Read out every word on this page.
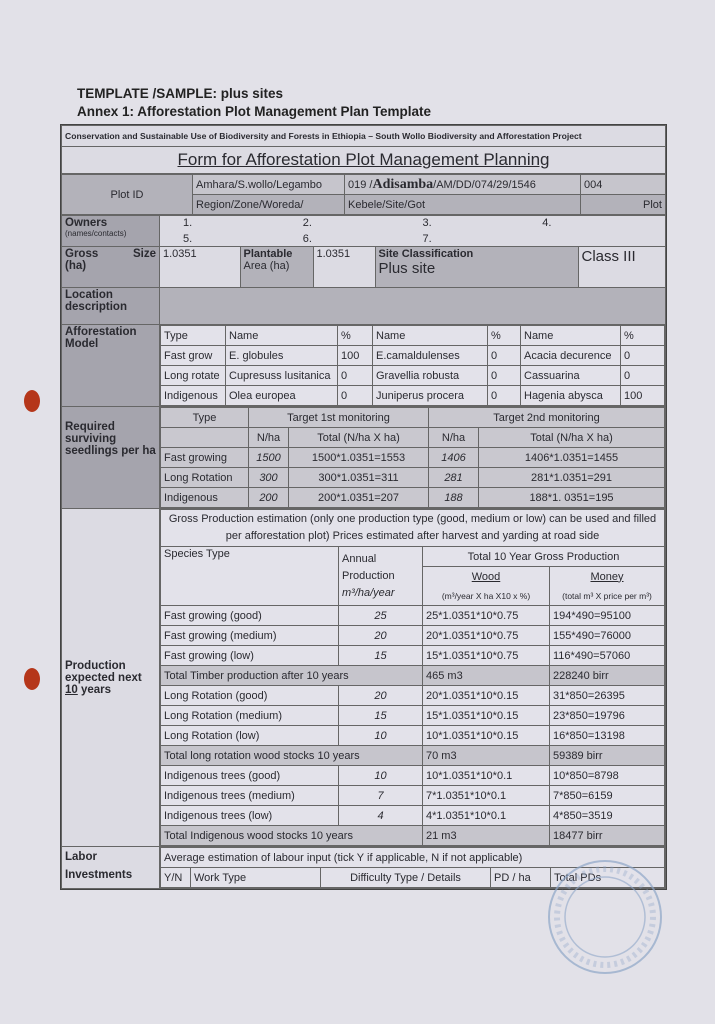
TEMPLATE /SAMPLE: plus sites
Annex 1: Afforestation Plot Management Plan Template
Conservation and Sustainable Use of Biodiversity and Forests in Ethiopia – South Wollo Biodiversity and Afforestation Project
Form for Afforestation Plot Management Planning
Plot ID	Amhara/S.wollo/Legambo	019 /Adisamba/AM/DD/074/29/1546	004
	Region/Zone/Woreda/	Kebele/Site/Got	Plot
Owners
(names/contacts)

1.	2.	3.	4.
5.	6.	7.

Gross	Size
(ha)

1.0351	Plantable
Area (ha)	1.0351	Site Classification
Plus site	Class III

Location description	
Afforestation Model	
Type	Name	%	Name	%	Name	%
Fast grow	E. globules	100	E.camaldulenses	0	Acacia decurence	0
Long rotate	Cupresuss lusitanica	0	Gravellia robusta	0	Cassuarina	0
Indigenous	Olea europea	0	Juniperus procera	0	Hagenia abysca	100

Required surviving seedlings per ha	
Type	Target 1st monitoring	Target 2nd monitoring
	N/ha	Total (N/ha X ha)	N/ha	Total (N/ha X ha)
Fast growing	1500	1500*1.0351=1553	1406	1406*1.0351=1455
Long Rotation	300	300*1.0351=311	281	281*1.0351=291
Indigenous	200	200*1.0351=207	188	188*1. 0351=195

Production
expected next
10 years

Gross Production estimation (only one production type (good, medium or low) can be used and filled
per afforestation plot) Prices estimated after harvest and yarding at road side

Species Type	Annual
Production
m³/ha/year
	Total 10 Year Gross Production
Wood	Money
(m³/year X ha X10 x %)	(total m³ X price per m³)
Fast growing (good)	25	25*1.0351*10*0.75	194*490=95100
Fast growing (medium)	20	20*1.0351*10*0.75	155*490=76000
Fast growing (low)	15	15*1.0351*10*0.75	116*490=57060
Total Timber production after 10 years	465 m3	228240 birr
Long Rotation (good)	20	20*1.0351*10*0.15	31*850=26395
Long Rotation (medium)	15	15*1.0351*10*0.15	23*850=19796
Long Rotation (low)	10	10*1.0351*10*0.15	16*850=13198
Total long rotation wood stocks 10 years	70 m3	59389 birr
Indigenous trees (good)	10	10*1.0351*10*0.1	10*850=8798
Indigenous trees (medium)	7	7*1.0351*10*0.1	7*850=6159
Indigenous trees (low)	4	4*1.0351*10*0.1	4*850=3519
Total Indigenous wood stocks 10 years	21 m3	18477 birr

Labor
Investments

Average estimation of labour input (tick Y if applicable, N if not applicable)
Y/N	Work Type	Difficulty Type / Details	PD / ha	Total PDs
